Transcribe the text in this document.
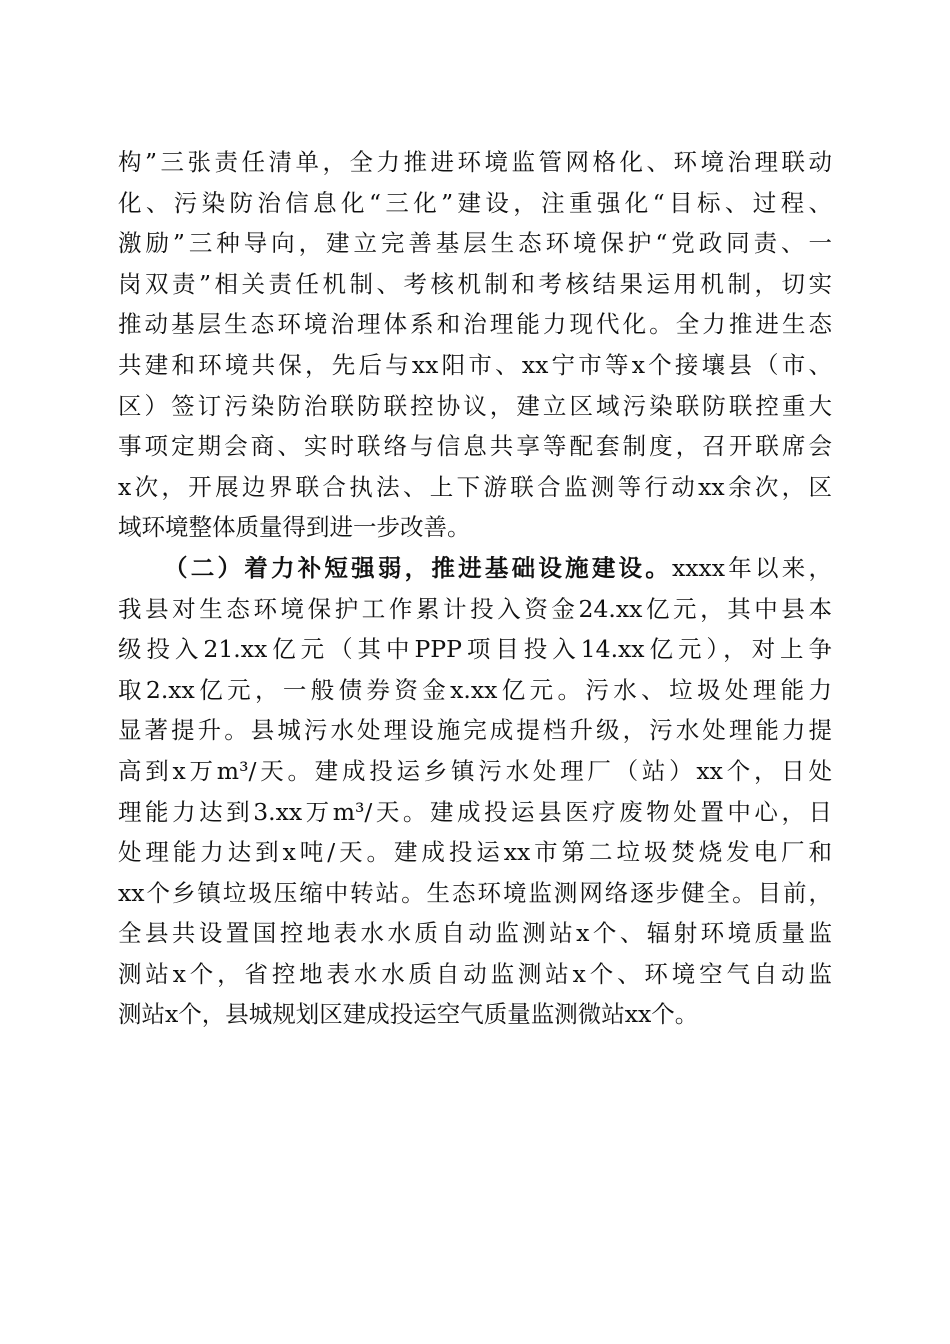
构”三张责任清单，全力推进环境监管网格化、环境治理联动
化、污染防治信息化“三化”建设，注重强化“目标、过程、
激励”三种导向，建立完善基层生态环境保护“党政同责、一
岗双责”相关责任机制、考核机制和考核结果运用机制，切实
推动基层生态环境治理体系和治理能力现代化。全力推进生态
共建和环境共保，先后与xx阳市、xx宁市等x个接壤县（市、
区）签订污染防治联防联控协议，建立区域污染联防联控重大
事项定期会商、实时联络与信息共享等配套制度，召开联席会
x次，开展边界联合执法、上下游联合监测等行动xx余次，区
域环境整体质量得到进一步改善。
（二）着力补短强弱，推进基础设施建设。xxxx年以来，
我县对生态环境保护工作累计投入资金24.xx亿元，其中县本
级投入21.xx亿元（其中PPP项目投入14.xx亿元），对上争
取2.xx亿元，一般债券资金x.xx亿元。污水、垃圾处理能力
显著提升。县城污水处理设施完成提档升级，污水处理能力提
高到x万m³/天。建成投运乡镇污水处理厂（站）xx个，日处
理能力达到3.xx万m³/天。建成投运县医疗废物处置中心，日
处理能力达到x吨/天。建成投运xx市第二垃圾焚烧发电厂和
xx个乡镇垃圾压缩中转站。生态环境监测网络逐步健全。目前，
全县共设置国控地表水水质自动监测站x个、辐射环境质量监
测站x个，省控地表水水质自动监测站x个、环境空气自动监
测站x个，县城规划区建成投运空气质量监测微站xx个。
